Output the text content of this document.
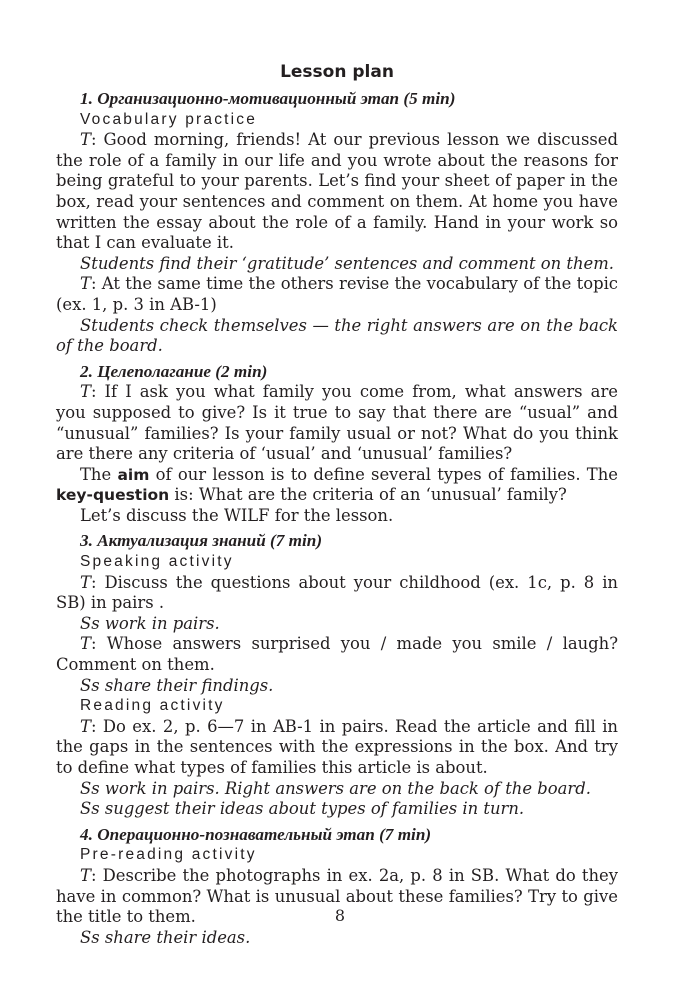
Lesson plan
1. Организационно-мотивационный этап (5 min)
Vocabulary practice
T: Good morning, friends! At our previous lesson we discussed the role of a family in our life and you wrote about the reasons for being grateful to your parents. Let’s find your sheet of paper in the box, read your sentences and comment on them. At home you have written the essay about the role of a family. Hand in your work so that I can evaluate it.
Students find their ‘gratitude’ sentences and comment on them.
T: At the same time the others revise the vocabulary of the topic (ex. 1, p. 3 in AB-1)
Students check themselves — the right answers are on the back of the board.
2. Целеполагание (2 min)
T: If I ask you what family you come from, what answers are you supposed to give? Is it true to say that there are “usual” and “unusual” families? Is your family usual or not? What do you think are there any criteria of ‘usual’ and ‘unusual’ families?
The aim of our lesson is to define several types of families. The key-question is: What are the criteria of an ‘unusual’ family?
Let’s discuss the WILF for the lesson.
3. Актуализация знаний (7 min)
Speaking activity
T: Discuss the questions about your childhood (ex. 1c, p. 8 in SB) in pairs .
Ss work in pairs.
T: Whose answers surprised you / made you smile / laugh? Comment on them.
Ss share their findings.
Reading activity
T: Do ex. 2, p. 6—7 in AB-1 in pairs. Read the article and fill in the gaps in the sentences with the expressions in the box. And try to define what types of families this article is about.
Ss work in pairs. Right answers are on the back of the board.
Ss suggest their ideas about types of families in turn.
4. Операционно-познавательный этап (7 min)
Pre-reading activity
T: Describe the photographs in ex. 2a, p. 8 in SB. What do they have in common? What is unusual about these families? Try to give the title to them.
Ss share their ideas.
8
